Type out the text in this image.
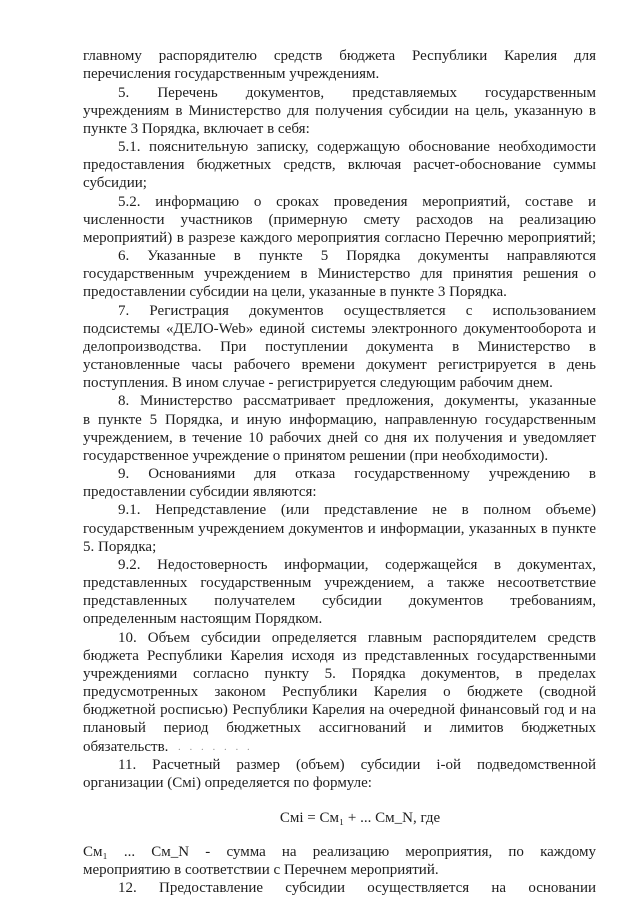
главному распорядителю средств бюджета Республики Карелия для
перечисления государственным учреждениям.
5. Перечень документов, представляемых государственным
учреждениям в Министерство для получения субсидии на цель, указанную в
пункте 3 Порядка, включает в себя:
5.1. пояснительную записку, содержащую обоснование необходимости
предоставления бюджетных средств, включая расчет-обоснование суммы
субсидии;
5.2. информацию о сроках проведения мероприятий, составе и
численности участников (примерную смету расходов на реализацию
мероприятий) в разрезе каждого мероприятия согласно Перечню мероприятий;
6. Указанные в пункте 5 Порядка документы направляются
государственным учреждением в Министерство для принятия решения о
предоставлении субсидии на цели, указанные в пункте 3 Порядка.
7. Регистрация документов осуществляется с использованием
подсистемы «ДЕЛО-Web» единой системы электронного документооборота и
делопроизводства. При поступлении документа в Министерство в
установленные часы рабочего времени документ регистрируется в день
поступления. В ином случае - регистрируется следующим рабочим днем.
8. Министерство рассматривает предложения, документы, указанные
в пункте 5 Порядка, и иную информацию, направленную государственным
учреждением, в течение 10 рабочих дней со дня их получения и уведомляет
государственное учреждение о принятом решении (при необходимости).
9. Основаниями для отказа государственному учреждению в
предоставлении субсидии являются:
9.1. Непредставление (или представление не в полном объеме)
государственным учреждением документов и информации, указанных в пункте
5. Порядка;
9.2. Недостоверность информации, содержащейся в документах,
представленных государственным учреждением, а также несоответствие
представленных получателем субсидии документов требованиям,
определенным настоящим Порядком.
10. Объем субсидии определяется главным распорядителем средств
бюджета Республики Карелия исходя из представленных государственными
учреждениями согласно пункту 5. Порядка документов, в пределах
предусмотренных законом Республики Карелия о бюджете (сводной
бюджетной росписью) Республики Карелия на очередной финансовый год и на
плановый период бюджетных ассигнований и лимитов бюджетных
обязательств. . . . . . . .
11. Расчетный размер (объем) субсидии i-ой подведомственной
организации (Cмi) определяется по формуле:
Cмi = Cм₁ + ... Cм_N, где
Cм₁ ... Cм_N - сумма на реализацию мероприятия, по каждому
мероприятию в соответствии с Перечнем мероприятий.
12. Предоставление субсидии осуществляется на основании
